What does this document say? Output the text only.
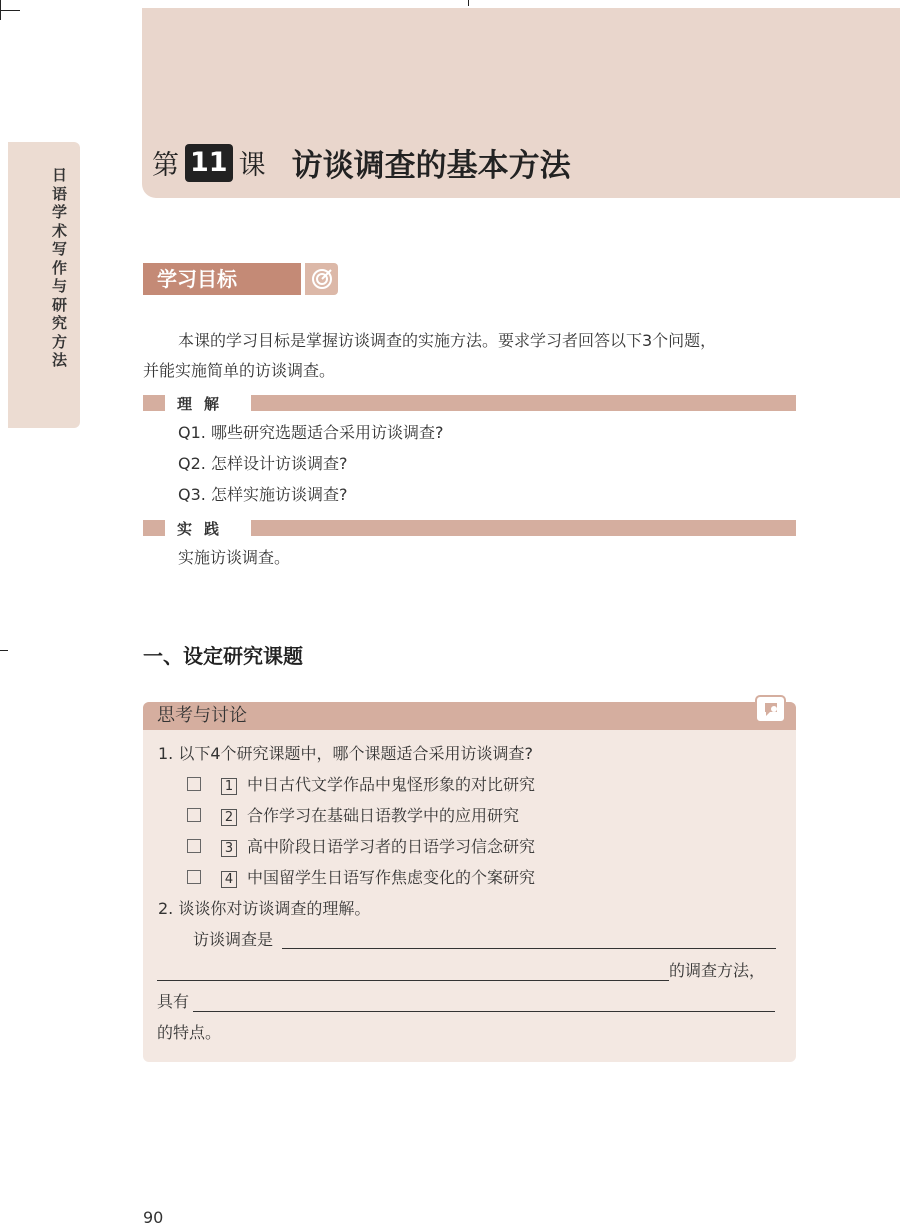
日语学术写作与研究方法
第 11 课 访谈调查的基本方法
学习目标
本课的学习目标是掌握访谈调查的实施方法。要求学习者回答以下3个问题，
并能实施简单的访谈调查。
理解
Q1. 哪些研究选题适合采用访谈调查?
Q2. 怎样设计访谈调查?
Q3. 怎样实施访谈调查?
实践
实施访谈调查。
一、设定研究课题
思考与讨论
1. 以下4个研究课题中，哪个课题适合采用访谈调查?
1 中日古代文学作品中鬼怪形象的对比研究
2 合作学习在基础日语教学中的应用研究
3 高中阶段日语学习者的日语学习信念研究
4 中国留学生日语写作焦虑变化的个案研究
2. 谈谈你对访谈调查的理解。
访谈调查是
的调查方法，
具有
的特点。
90
